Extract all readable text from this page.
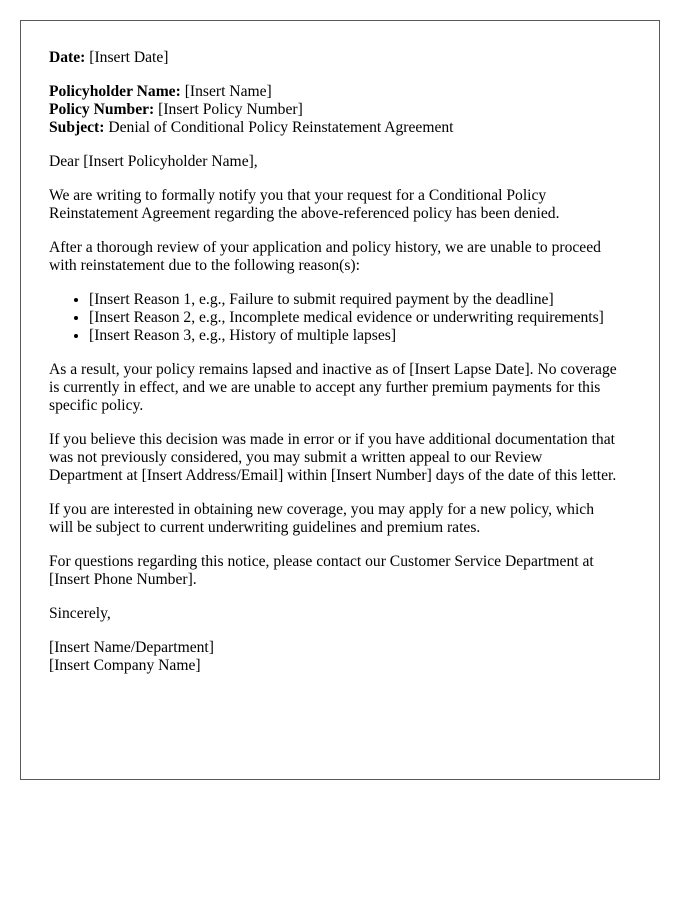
Date: [Insert Date]

Policyholder Name: [Insert Name]

Policy Number: [Insert Policy Number]

Subject: Denial of Conditional Policy Reinstatement Agreement

Dear [Insert Policyholder Name],

We are writing to formally notify you that your request for a Conditional Policy
Reinstatement Agreement regarding the above-referenced policy has been denied.

After a thorough review of your application and policy history, we are unable to proceed
with reinstatement due to the following reason(s):

• [Insert Reason 1, e.g., Failure to submit required payment by the deadline]
• [Insert Reason 2, e.g., Incomplete medical evidence or underwriting requirements]
• [Insert Reason 3, e.g., History of multiple lapses]

As a result, your policy remains lapsed and inactive as of [Insert Lapse Date]. No coverage
is currently in effect, and we are unable to accept any further premium payments for this
specific policy.

If you believe this decision was made in error or if you have additional documentation that
was not previously considered, you may submit a written appeal to our Review
Department at [Insert Address/Email] within [Insert Number] days of the date of this letter.

If you are interested in obtaining new coverage, you may apply for a new policy, which
will be subject to current underwriting guidelines and premium rates.

For questions regarding this notice, please contact our Customer Service Department at
[Insert Phone Number].

Sincerely,

[Insert Name/Department]

[Insert Company Name]
